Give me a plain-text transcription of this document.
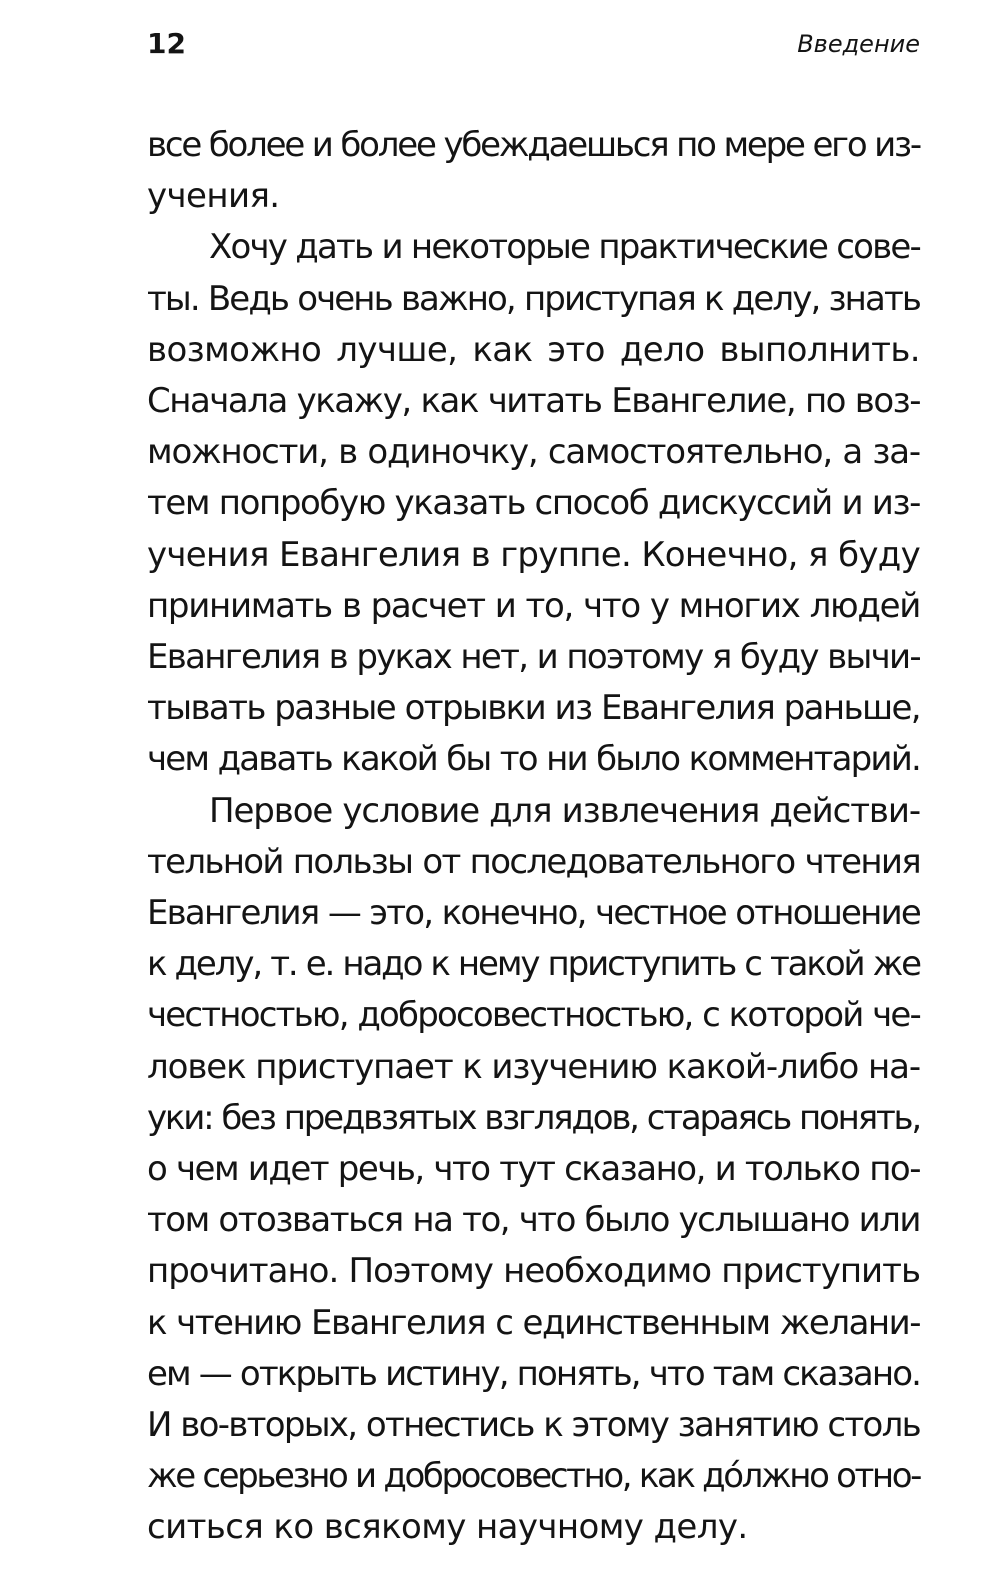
12	Введение
все более и более убеждаешься по мере его из-
учения.
Хочу дать и некоторые практические сове-
ты. Ведь очень важно, приступая к делу, знать
возможно лучше, как это дело выполнить.
Сначала укажу, как читать Евангелие, по воз-
можности, в одиночку, самостоятельно, а за-
тем попробую указать способ дискуссий и из-
учения Евангелия в группе. Конечно, я буду
принимать в расчет и то, что у многих людей
Евангелия в руках нет, и поэтому я буду вычи-
тывать разные отрывки из Евангелия раньше,
чем давать какой бы то ни было комментарий.
Первое условие для извлечения действи-
тельной пользы от последовательного чтения
Евангелия — это, конечно, честное отношение
к делу, т. е. надо к нему приступить с такой же
честностью, добросовестностью, с которой че-
ловек приступает к изучению какой-либо на-
уки: без предвзятых взглядов, стараясь понять,
о чем идет речь, что тут сказано, и только по-
том отозваться на то, что было услышано или
прочитано. Поэтому необходимо приступить
к чтению Евангелия с единственным желани-
ем — открыть истину, понять, что там сказано.
И во-вторых, отнестись к этому занятию столь
же серьезно и добросовестно, как до́лжно отно-
ситься ко всякому научному делу.
